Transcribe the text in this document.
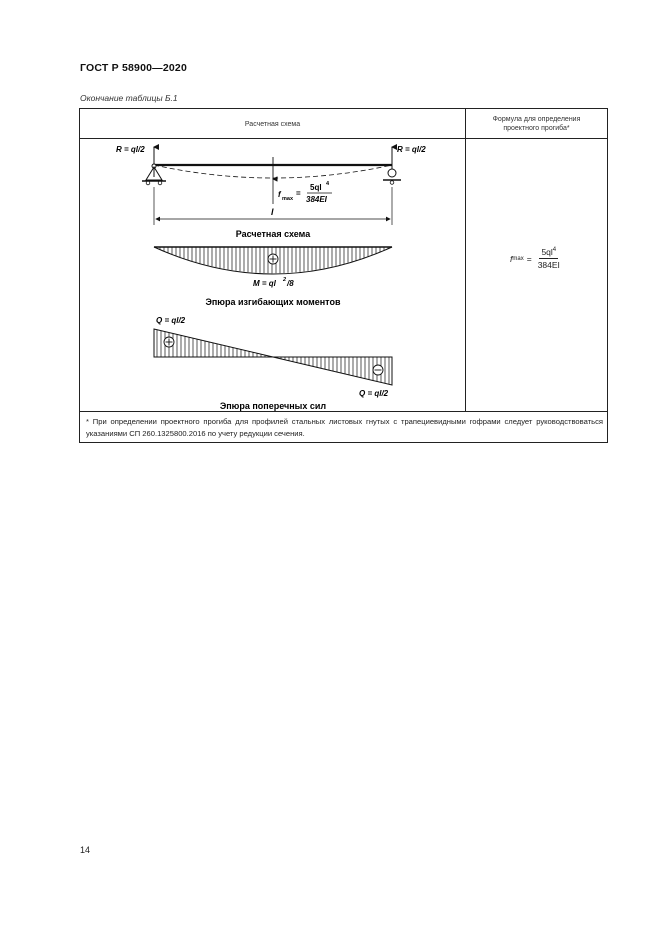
ГОСТ Р 58900—2020
Окончание таблицы Б.1
Расчетная схема
Формула для определения
проектного прогиба*
R = ql/2	R = ql/2
f max
=
5ql 4
384EI
l
Расчетная схема
M = ql 2 /8
Эпюра изгибающих моментов
Q = ql/2
Q = ql/2
Эпюра поперечных сил
f $\max = \frac{5ql^4}{384EI}$
* При определении проектного прогиба для профилей стальных листовых гнутых с трапециевидными гофрами следует руководствоваться указаниями СП 260.1325800.2016 по учету редукции сечения.
14
